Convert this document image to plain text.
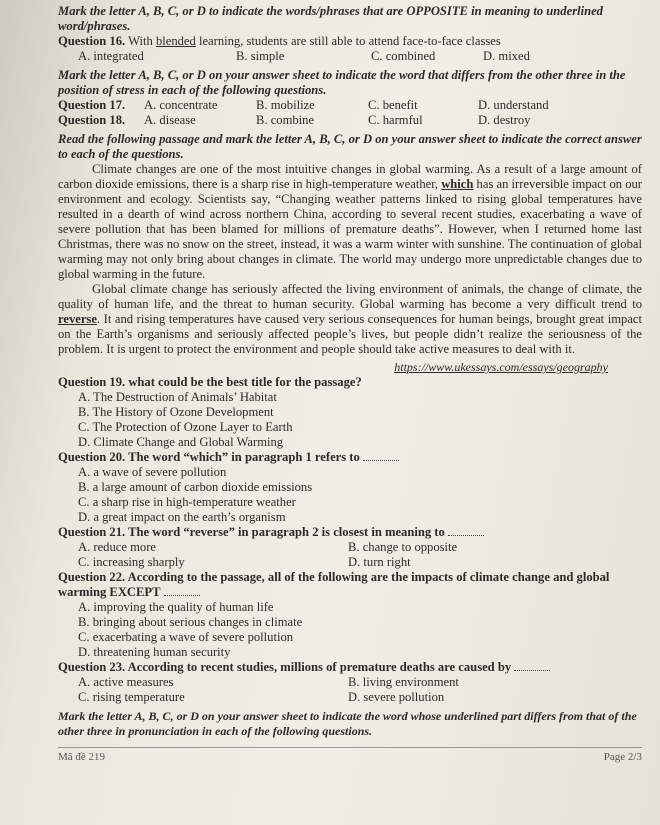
Mark the letter A, B, C, or D to indicate the words/phrases that are OPPOSITE in meaning to underlined word/phrases.
Question 16. With blended learning, students are still able to attend face-to-face classes
A. integrated	B. simple	C. combined	D. mixed
Mark the letter A, B, C, or D on your answer sheet to indicate the word that differs from the other three in the position of stress in each of the following questions.
Question 17.	A. concentrate	B. mobilize	C. benefit	D. understand
Question 18.	A. disease	B. combine	C. harmful	D. destroy
Read the following passage and mark the letter A, B, C, or D on your answer sheet to indicate the correct answer to each of the questions.

Climate changes are one of the most intuitive changes in global warming. As a result of a large amount of carbon dioxide emissions, there is a sharp rise in high-temperature weather, which has an irreversible impact on our environment and ecology. Scientists say, “Changing weather patterns linked to rising global temperatures have resulted in a dearth of wind across northern China, according to several recent studies, exacerbating a wave of severe pollution that has been blamed for millions of premature deaths”. However, when I returned home last Christmas, there was no snow on the street, instead, it was a warm winter with sunshine. The continuation of global warming may not only bring about changes in climate. The world may undergo more unpredictable changes due to global warming in the future.

Global climate change has seriously affected the living environment of animals, the change of climate, the quality of human life, and the threat to human security. Global warming has become a very difficult trend to reverse. It and rising temperatures have caused very serious consequences for human beings, brought great impact on the Earth’s organisms and seriously affected people’s lives, but people didn’t realize the seriousness of the problem. It is urgent to protect the environment and people should take active measures to deal with it.

https://www.ukessays.com/essays/geography
Question 19. what could be the best title for the passage?
A. The Destruction of Animals’ Habitat
B. The History of Ozone Development
C. The Protection of Ozone Layer to Earth
D. Climate Change and Global Warming
Question 20. The word “which” in paragraph 1 refers to
A. a wave of severe pollution
B. a large amount of carbon dioxide emissions
C. a sharp rise in high-temperature weather
D. a great impact on the earth’s organism
Question 21. The word “reverse” in paragraph 2 is closest in meaning to
A. reduce more	B. change to opposite
C. increasing sharply	D. turn right
Question 22. According to the passage, all of the following are the impacts of climate change and global warming EXCEPT
A. improving the quality of human life
B. bringing about serious changes in climate
C. exacerbating a wave of severe pollution
D. threatening human security
Question 23. According to recent studies, millions of premature deaths are caused by
A. active measures	B. living environment
C. rising temperature	D. severe pollution
Mark the letter A, B, C, or D on your answer sheet to indicate the word whose underlined part differs from that of the other three in pronunciation in each of the following questions.
Mã đề 219	Page 2/3
